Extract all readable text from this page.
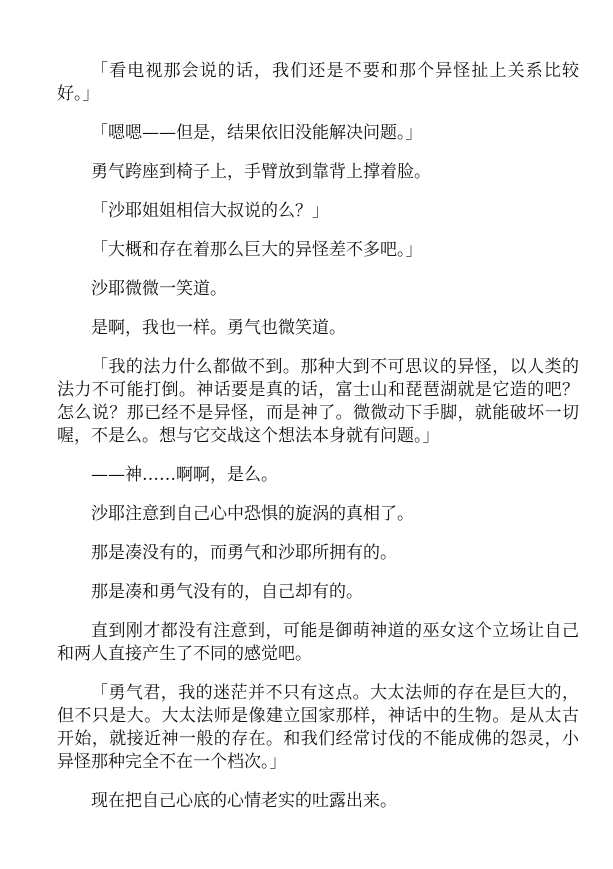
「看电视那会说的话，我们还是不要和那个异怪扯上关系比较好。」

「嗯嗯——但是，结果依旧没能解决问题。」

勇气跨座到椅子上，手臂放到靠背上撑着脸。

「沙耶姐姐相信大叔说的么？」

「大概和存在着那么巨大的异怪差不多吧。」

沙耶微微一笑道。

是啊，我也一样。勇气也微笑道。

「我的法力什么都做不到。那种大到不可思议的异怪，以人类的法力不可能打倒。神话要是真的话，富士山和琵琶湖就是它造的吧？怎么说？那已经不是异怪，而是神了。微微动下手脚，就能破坏一切喔，不是么。想与它交战这个想法本身就有问题。」

——神……啊啊，是么。

沙耶注意到自己心中恐惧的旋涡的真相了。

那是凑没有的，而勇气和沙耶所拥有的。

那是凑和勇气没有的，自己却有的。

直到刚才都没有注意到，可能是御萌神道的巫女这个立场让自己和两人直接产生了不同的感觉吧。

「勇气君，我的迷茫并不只有这点。大太法师的存在是巨大的，但不只是大。大太法师是像建立国家那样，神话中的生物。是从太古开始，就接近神一般的存在。和我们经常讨伐的不能成佛的怨灵，小异怪那种完全不在一个档次。」

现在把自己心底的心情老实的吐露出来。
